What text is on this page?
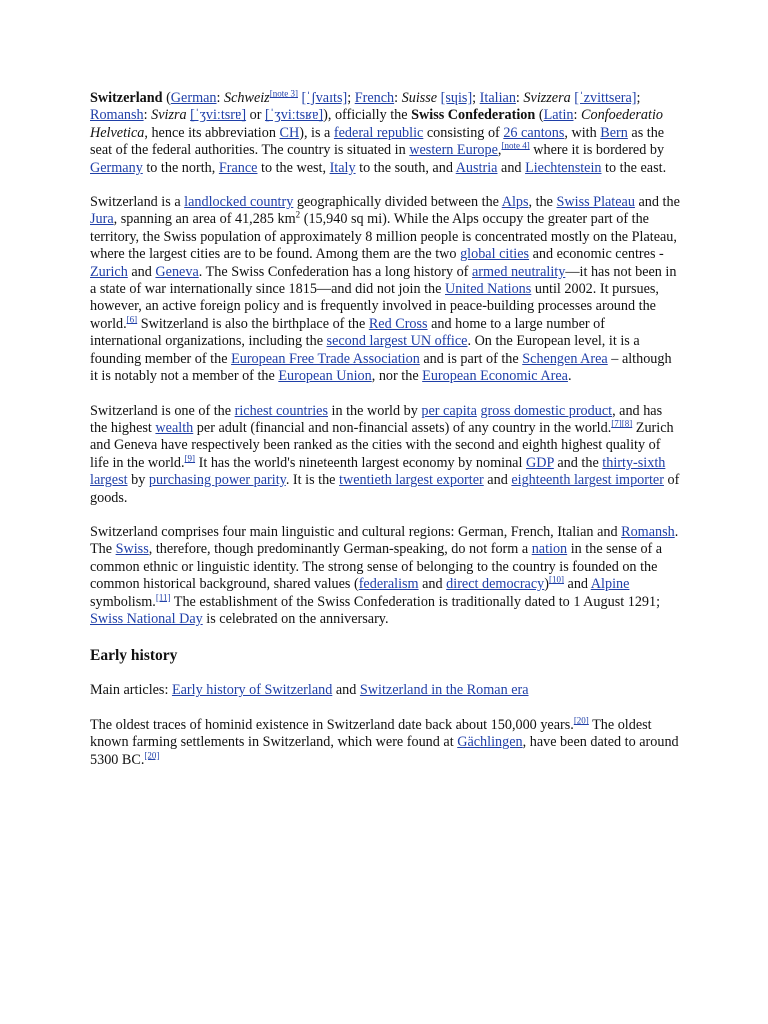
Switzerland (German: Schweiz[note 3] [ˈʃvaɪts]; French: Suisse [sɥis]; Italian: Svizzera [ˈzvittsera]; Romansh: Svizra [ˈʒviːtsrɐ] or [ˈʒviːtsʁɐ]), officially the Swiss Confederation (Latin: Confoederatio Helvetica, hence its abbreviation CH), is a federal republic consisting of 26 cantons, with Bern as the seat of the federal authorities. The country is situated in western Europe,[note 4] where it is bordered by Germany to the north, France to the west, Italy to the south, and Austria and Liechtenstein to the east.

Switzerland is a landlocked country geographically divided between the Alps, the Swiss Plateau and the Jura, spanning an area of 41,285 $km^2$ (15,940 sq mi). While the Alps occupy the greater part of the territory, the Swiss population of approximately 8 million people is concentrated mostly on the Plateau, where the largest cities are to be found. Among them are the two global cities and economic centres - Zurich and Geneva. The Swiss Confederation has a long history of armed neutrality—it has not been in a state of war internationally since 1815—and did not join the United Nations until 2002. It pursues, however, an active foreign policy and is frequently involved in peace-building processes around the world.[6] Switzerland is also the birthplace of the Red Cross and home to a large number of international organizations, including the second largest UN office. On the European level, it is a founding member of the European Free Trade Association and is part of the Schengen Area – although it is notably not a member of the European Union, nor the European Economic Area.

Switzerland is one of the richest countries in the world by per capita gross domestic product, and has the highest wealth per adult (financial and non-financial assets) of any country in the world.[7][8] Zurich and Geneva have respectively been ranked as the cities with the second and eighth highest quality of life in the world.[9] It has the world's nineteenth largest economy by nominal GDP and the thirty-sixth largest by purchasing power parity. It is the twentieth largest exporter and eighteenth largest importer of goods.

Switzerland comprises four main linguistic and cultural regions: German, French, Italian and Romansh. The Swiss, therefore, though predominantly German-speaking, do not form a nation in the sense of a common ethnic or linguistic identity. The strong sense of belonging to the country is founded on the common historical background, shared values (federalism and direct democracy)[10] and Alpine symbolism.[11] The establishment of the Swiss Confederation is traditionally dated to 1 August 1291; Swiss National Day is celebrated on the anniversary.

Early history

Main articles: Early history of Switzerland and Switzerland in the Roman era

The oldest traces of hominid existence in Switzerland date back about 150,000 years.[20] The oldest known farming settlements in Switzerland, which were found at Gächlingen, have been dated to around 5300 BC.[20]
